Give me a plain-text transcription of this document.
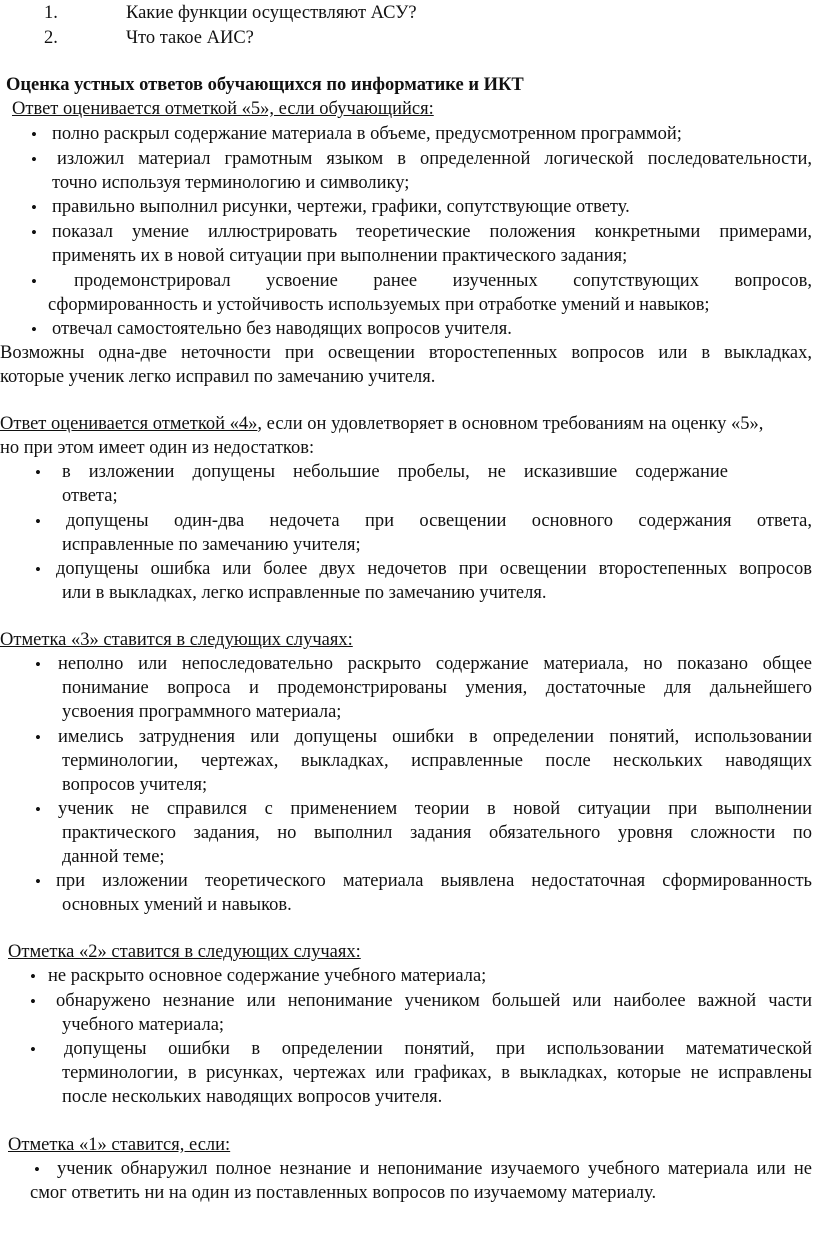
1.	Какие функции осуществляют АСУ?
2.	Что такое АИС?
Оценка устных ответов обучающихся по информатике и ИКТ
Ответ оценивается отметкой «5», если обучающийся:
• полно раскрыл содержание материала в объеме, предусмотренном программой;
• изложил материал грамотным языком в определенной логической последовательности,
точно используя терминологию и символику;
• правильно выполнил рисунки, чертежи, графики, сопутствующие ответу.
• показал умение иллюстрировать теоретические положения конкретными примерами,
применять их в новой ситуации при выполнении практического задания;
• продемонстрировал усвоение ранее изученных сопутствующих вопросов,
сформированность и устойчивость используемых при отработке умений и навыков;
• отвечал самостоятельно без наводящих вопросов учителя.
Возможны одна-две неточности при освещении второстепенных вопросов или в выкладках,
которые ученик легко исправил по замечанию учителя.
Ответ оценивается отметкой «4», если он удовлетворяет в основном требованиям на оценку «5»,
но при этом имеет один из недостатков:
• в изложении допущены небольшие пробелы, не исказившие содержание
ответа;
• допущены один-два недочета при освещении основного содержания ответа,
исправленные по замечанию учителя;
• допущены ошибка или более двух недочетов при освещении второстепенных вопросов
или в выкладках, легко исправленные по замечанию учителя.
Отметка «3» ставится в следующих случаях:
• неполно или непоследовательно раскрыто содержание материала, но показано общее
понимание вопроса и продемонстрированы умения, достаточные для дальнейшего
усвоения программного материала;
• имелись затруднения или допущены ошибки в определении понятий, использовании
терминологии, чертежах, выкладках, исправленные после нескольких наводящих
вопросов учителя;
• ученик не справился с применением теории в новой ситуации при выполнении
практического задания, но выполнил задания обязательного уровня сложности по
данной теме;
• при изложении теоретического материала выявлена недостаточная сформированность
основных умений и навыков.
Отметка «2» ставится в следующих случаях:
• не раскрыто основное содержание учебного материала;
• обнаружено незнание или непонимание учеником большей или наиболее важной части
учебного материала;
• допущены ошибки в определении понятий, при использовании математической
терминологии, в рисунках, чертежах или графиках, в выкладках, которые не исправлены
после нескольких наводящих вопросов учителя.
Отметка «1» ставится, если:
• ученик обнаружил полное незнание и непонимание изучаемого учебного материала или не
смог ответить ни на один из поставленных вопросов по изучаемому материалу.
